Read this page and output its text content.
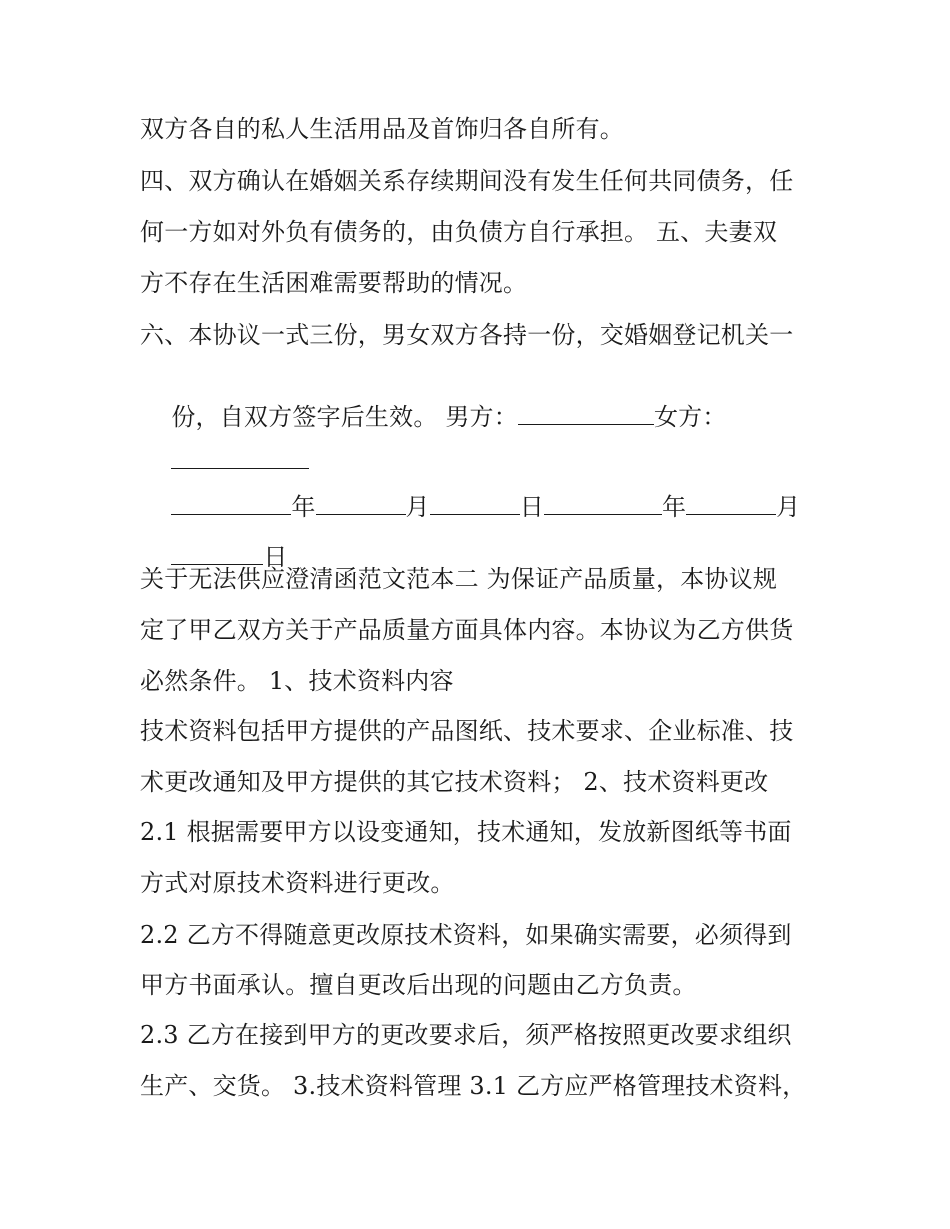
双方各自的私人生活用品及首饰归各自所有。
四、双方确认在婚姻关系存续期间没有发生任何共同债务，任
何一方如对外负有债务的，由负债方自行承担。 五、夫妻双
方不存在生活困难需要帮助的情况。
六、本协议一式三份，男女双方各持一份，交婚姻登记机关一

份，自双方签字后生效。 男方：	女方：

年	月	日	年	月

日

关于无法供应澄清函范文范本二 为保证产品质量，本协议规
定了甲乙双方关于产品质量方面具体内容。本协议为乙方供货
必然条件。 1、技术资料内容
技术资料包括甲方提供的产品图纸、技术要求、企业标准、技
术更改通知及甲方提供的其它技术资料； 2、技术资料更改
2.1 根据需要甲方以设变通知，技术通知，发放新图纸等书面
方式对原技术资料进行更改。
2.2 乙方不得随意更改原技术资料，如果确实需要，必须得到
甲方书面承认。擅自更改后出现的问题由乙方负责。
2.3 乙方在接到甲方的更改要求后，须严格按照更改要求组织
生产、交货。 3.技术资料管理 3.1 乙方应严格管理技术资料，
